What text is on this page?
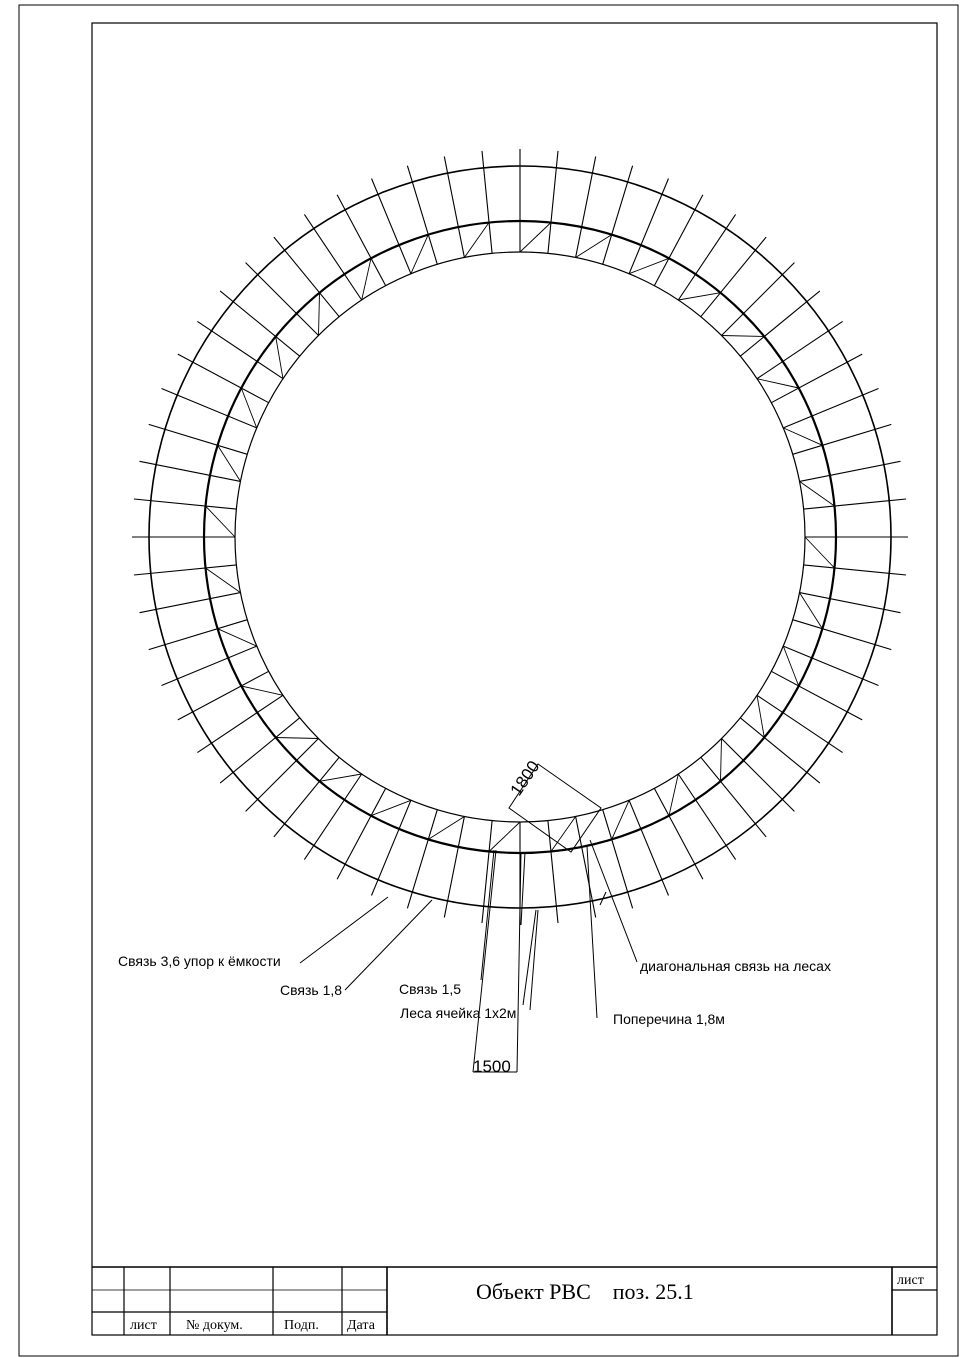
1800
1500
Связь 3,6 упор к ёмкости
Связь 1,8	Связь 1,5
Леса ячейка 1х2м
диагональная связь на лесах
Поперечина 1,8м
Объект РВС    поз. 25.1	лист
лист № докум.	Подп. Дата
